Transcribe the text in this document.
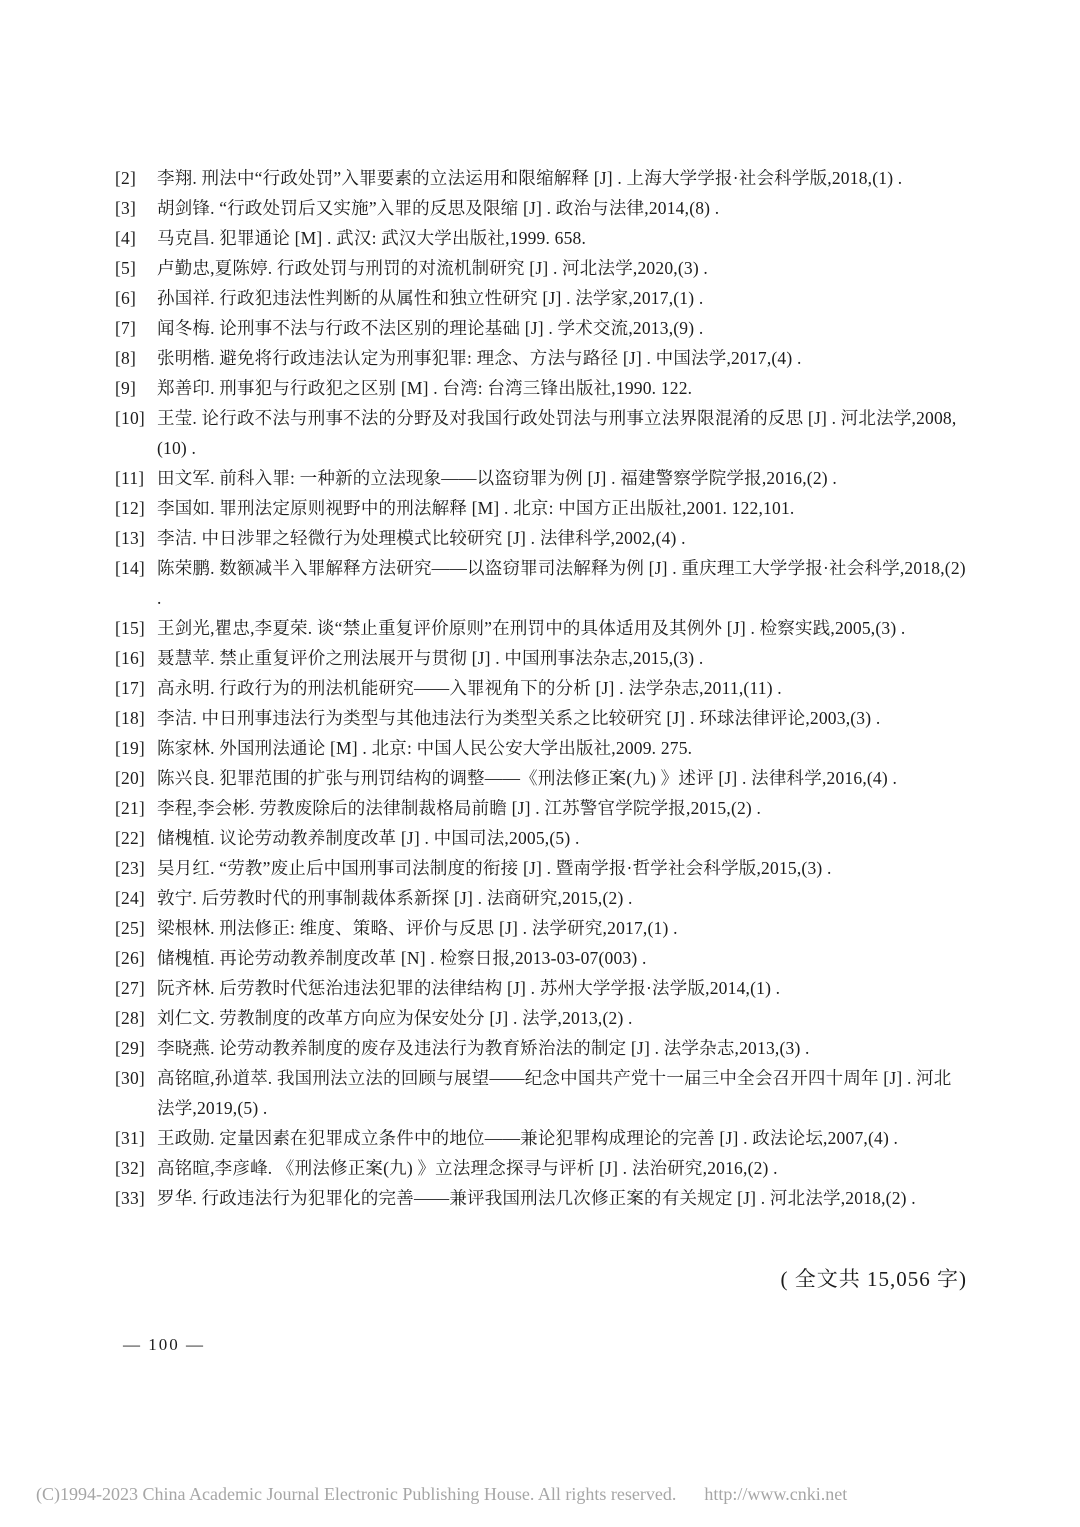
[2]	李翔. 刑法中“行政处罚”入罪要素的立法运用和限缩解释 [J] . 上海大学学报·社会科学版,2018,(1) .
[3]	胡剑锋. “行政处罚后又实施”入罪的反思及限缩 [J] . 政治与法律,2014,(8) .
[4]	马克昌. 犯罪通论 [M] . 武汉: 武汉大学出版社,1999. 658.
[5]	卢勤忠,夏陈婷. 行政处罚与刑罚的对流机制研究 [J] . 河北法学,2020,(3) .
[6]	孙国祥. 行政犯违法性判断的从属性和独立性研究 [J] . 法学家,2017,(1) .
[7]	闻冬梅. 论刑事不法与行政不法区别的理论基础 [J] . 学术交流,2013,(9) .
[8]	张明楷. 避免将行政违法认定为刑事犯罪: 理念、方法与路径 [J] . 中国法学,2017,(4) .
[9]	郑善印. 刑事犯与行政犯之区别 [M] . 台湾: 台湾三锋出版社,1990. 122.
[10] 王莹. 论行政不法与刑事不法的分野及对我国行政处罚法与刑事立法界限混淆的反思 [J] . 河北法学,2008,(10) .
[11] 田文军. 前科入罪: 一种新的立法现象——以盗窃罪为例 [J] . 福建警察学院学报,2016,(2) .
[12] 李国如. 罪刑法定原则视野中的刑法解释 [M] . 北京: 中国方正出版社,2001. 122,101.
[13] 李洁. 中日涉罪之轻微行为处理模式比较研究 [J] . 法律科学,2002,(4) .
[14] 陈荣鹏. 数额减半入罪解释方法研究——以盗窃罪司法解释为例 [J] . 重庆理工大学学报·社会科学,2018,(2) .
[15] 王剑光,瞿忠,李夏荣. 谈“禁止重复评价原则”在刑罚中的具体适用及其例外 [J] . 检察实践,2005,(3) .
[16] 聂慧苹. 禁止重复评价之刑法展开与贯彻 [J] . 中国刑事法杂志,2015,(3) .
[17] 高永明. 行政行为的刑法机能研究——入罪视角下的分析 [J] . 法学杂志,2011,(11) .
[18] 李洁. 中日刑事违法行为类型与其他违法行为类型关系之比较研究 [J] . 环球法律评论,2003,(3) .
[19] 陈家林. 外国刑法通论 [M] . 北京: 中国人民公安大学出版社,2009. 275.
[20] 陈兴良. 犯罪范围的扩张与刑罚结构的调整——《刑法修正案(九) 》述评 [J] . 法律科学,2016,(4) .
[21] 李程,李会彬. 劳教废除后的法律制裁格局前瞻 [J] . 江苏警官学院学报,2015,(2) .
[22] 储槐植. 议论劳动教养制度改革 [J] . 中国司法,2005,(5) .
[23] 吴月红. “劳教”废止后中国刑事司法制度的衔接 [J] . 暨南学报·哲学社会科学版,2015,(3) .
[24] 敦宁. 后劳教时代的刑事制裁体系新探 [J] . 法商研究,2015,(2) .
[25] 梁根林. 刑法修正: 维度、策略、评价与反思 [J] . 法学研究,2017,(1) .
[26] 储槐植. 再论劳动教养制度改革 [N] . 检察日报,2013-03-07(003) .
[27] 阮齐林. 后劳教时代惩治违法犯罪的法律结构 [J] . 苏州大学学报·法学版,2014,(1) .
[28] 刘仁文. 劳教制度的改革方向应为保安处分 [J] . 法学,2013,(2) .
[29] 李晓燕. 论劳动教养制度的废存及违法行为教育矫治法的制定 [J] . 法学杂志,2013,(3) .
[30] 高铭暄,孙道萃. 我国刑法立法的回顾与展望——纪念中国共产党十一届三中全会召开四十周年 [J] . 河北法学,2019,(5) .
[31] 王政勋. 定量因素在犯罪成立条件中的地位——兼论犯罪构成理论的完善 [J] . 政法论坛,2007,(4) .
[32] 高铭暄,李彦峰. 《刑法修正案(九) 》立法理念探寻与评析 [J] . 法治研究,2016,(2) .
[33] 罗华. 行政违法行为犯罪化的完善——兼评我国刑法几次修正案的有关规定 [J] . 河北法学,2018,(2) .
( 全文共 15,056 字)
— 100 —
(C)1994-2023 China Academic Journal Electronic Publishing House. All rights reserved. http://www.cnki.net
